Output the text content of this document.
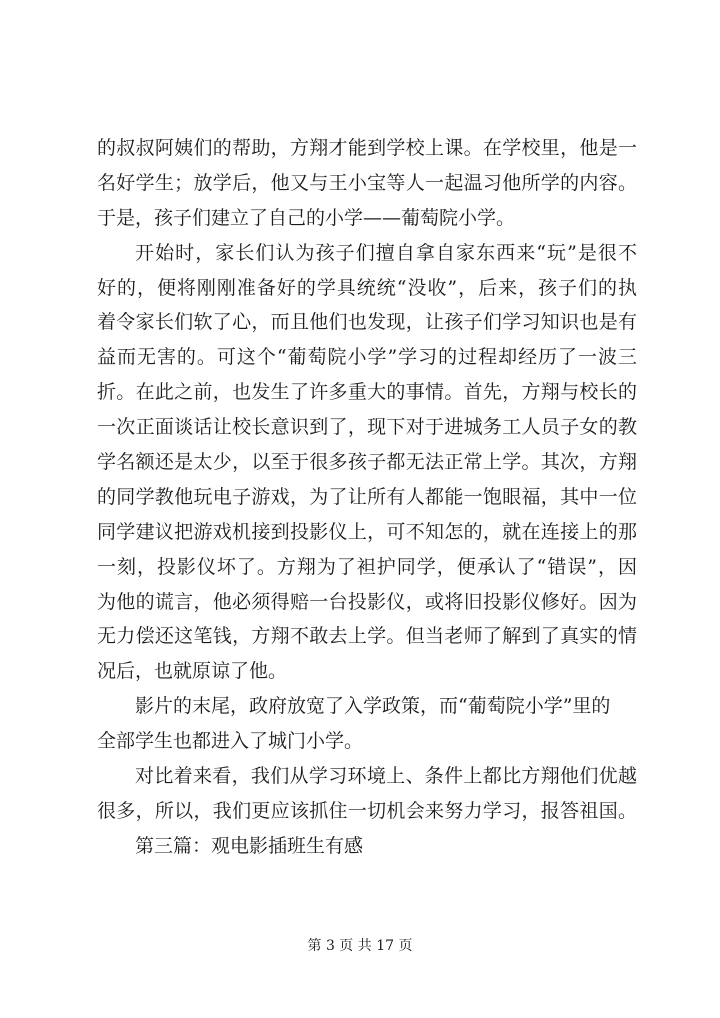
的叔叔阿姨们的帮助，方翔才能到学校上课。在学校里，他是一
名好学生；放学后，他又与王小宝等人一起温习他所学的内容。
于是，孩子们建立了自己的小学——葡萄院小学。
开始时，家长们认为孩子们擅自拿自家东西来“玩”是很不
好的，便将刚刚准备好的学具统统“没收”，后来，孩子们的执
着令家长们软了心，而且他们也发现，让孩子们学习知识也是有
益而无害的。可这个“葡萄院小学”学习的过程却经历了一波三
折。在此之前，也发生了许多重大的事情。首先，方翔与校长的
一次正面谈话让校长意识到了，现下对于进城务工人员子女的教
学名额还是太少，以至于很多孩子都无法正常上学。其次，方翔
的同学教他玩电子游戏，为了让所有人都能一饱眼福，其中一位
同学建议把游戏机接到投影仪上，可不知怎的，就在连接上的那
一刻，投影仪坏了。方翔为了袒护同学，便承认了“错误”，因
为他的谎言，他必须得赔一台投影仪，或将旧投影仪修好。因为
无力偿还这笔钱，方翔不敢去上学。但当老师了解到了真实的情
况后，也就原谅了他。
影片的末尾，政府放宽了入学政策，而“葡萄院小学”里的
全部学生也都进入了城门小学。
对比着来看，我们从学习环境上、条件上都比方翔他们优越
很多，所以，我们更应该抓住一切机会来努力学习，报答祖国。
第三篇：观电影插班生有感
第 3 页 共 17 页
